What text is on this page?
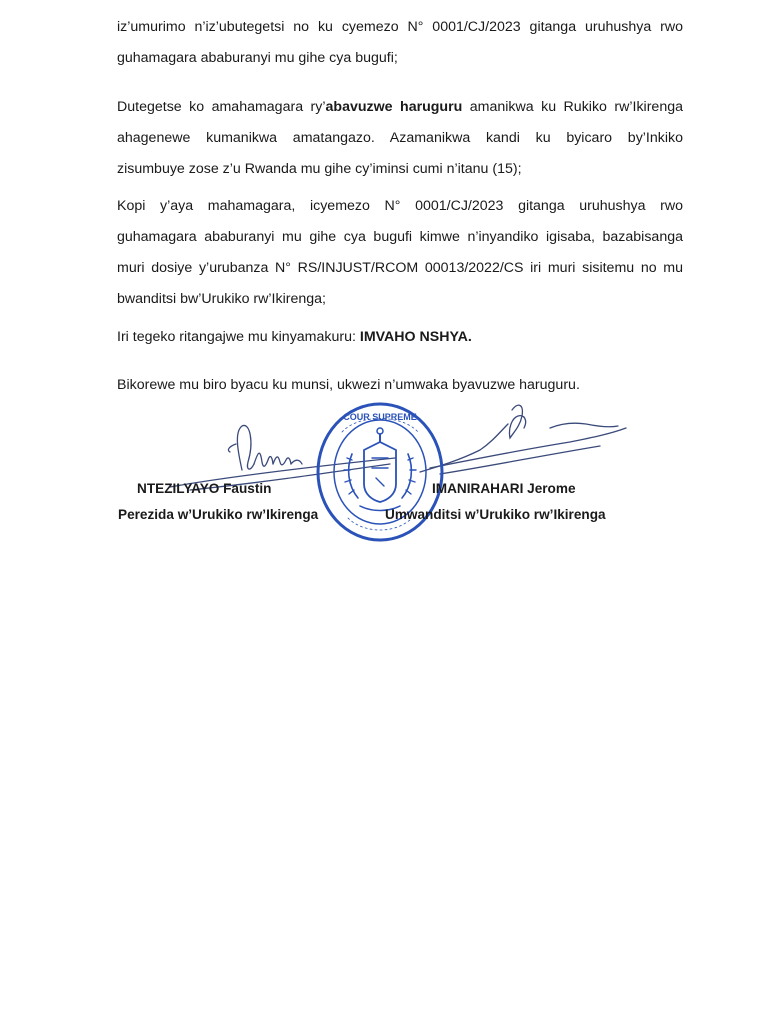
iz’umurimo n’iz’ubutegetsi no ku cyemezo N° 0001/CJ/2023 gitanga uruhushya rwo
guhamagara ababuranyi mu gihe cya bugufi;

Dutegetse ko amahamagara ry’abavuzwe haruguru amanikwa ku Rukiko rw’Ikirenga
ahagenewe kumanikwa amatangazo. Azamanikwa kandi ku byicaro by’Inkiko
zisumbuye zose z’u Rwanda mu gihe cy’iminsi cumi n’itanu (15);

Kopi y’aya mahamagara, icyemezo N° 0001/CJ/2023 gitanga uruhushya rwo
guhamagara ababuranyi mu gihe cya bugufi kimwe n’inyandiko igisaba, bazabisanga
muri dosiye y’urubanza N° RS/INJUST/RCOM 00013/2022/CS iri muri sisitemu no mu
bwanditsi bw’Urukiko rw’Ikirenga;

Iri tegeko ritangajwe mu kinyamakuru: IMVAHO NSHYA.

Bikorewe mu biro byacu ku munsi, ukwezi n’umwaka byavuzwe haruguru.

COUR SUPREME
NTEZILYAYO Faustin
Perezida w’Urukiko rw’Ikirenga
IMANIRAHARI Jerome
Umwanditsi w’Urukiko rw’Ikirenga
